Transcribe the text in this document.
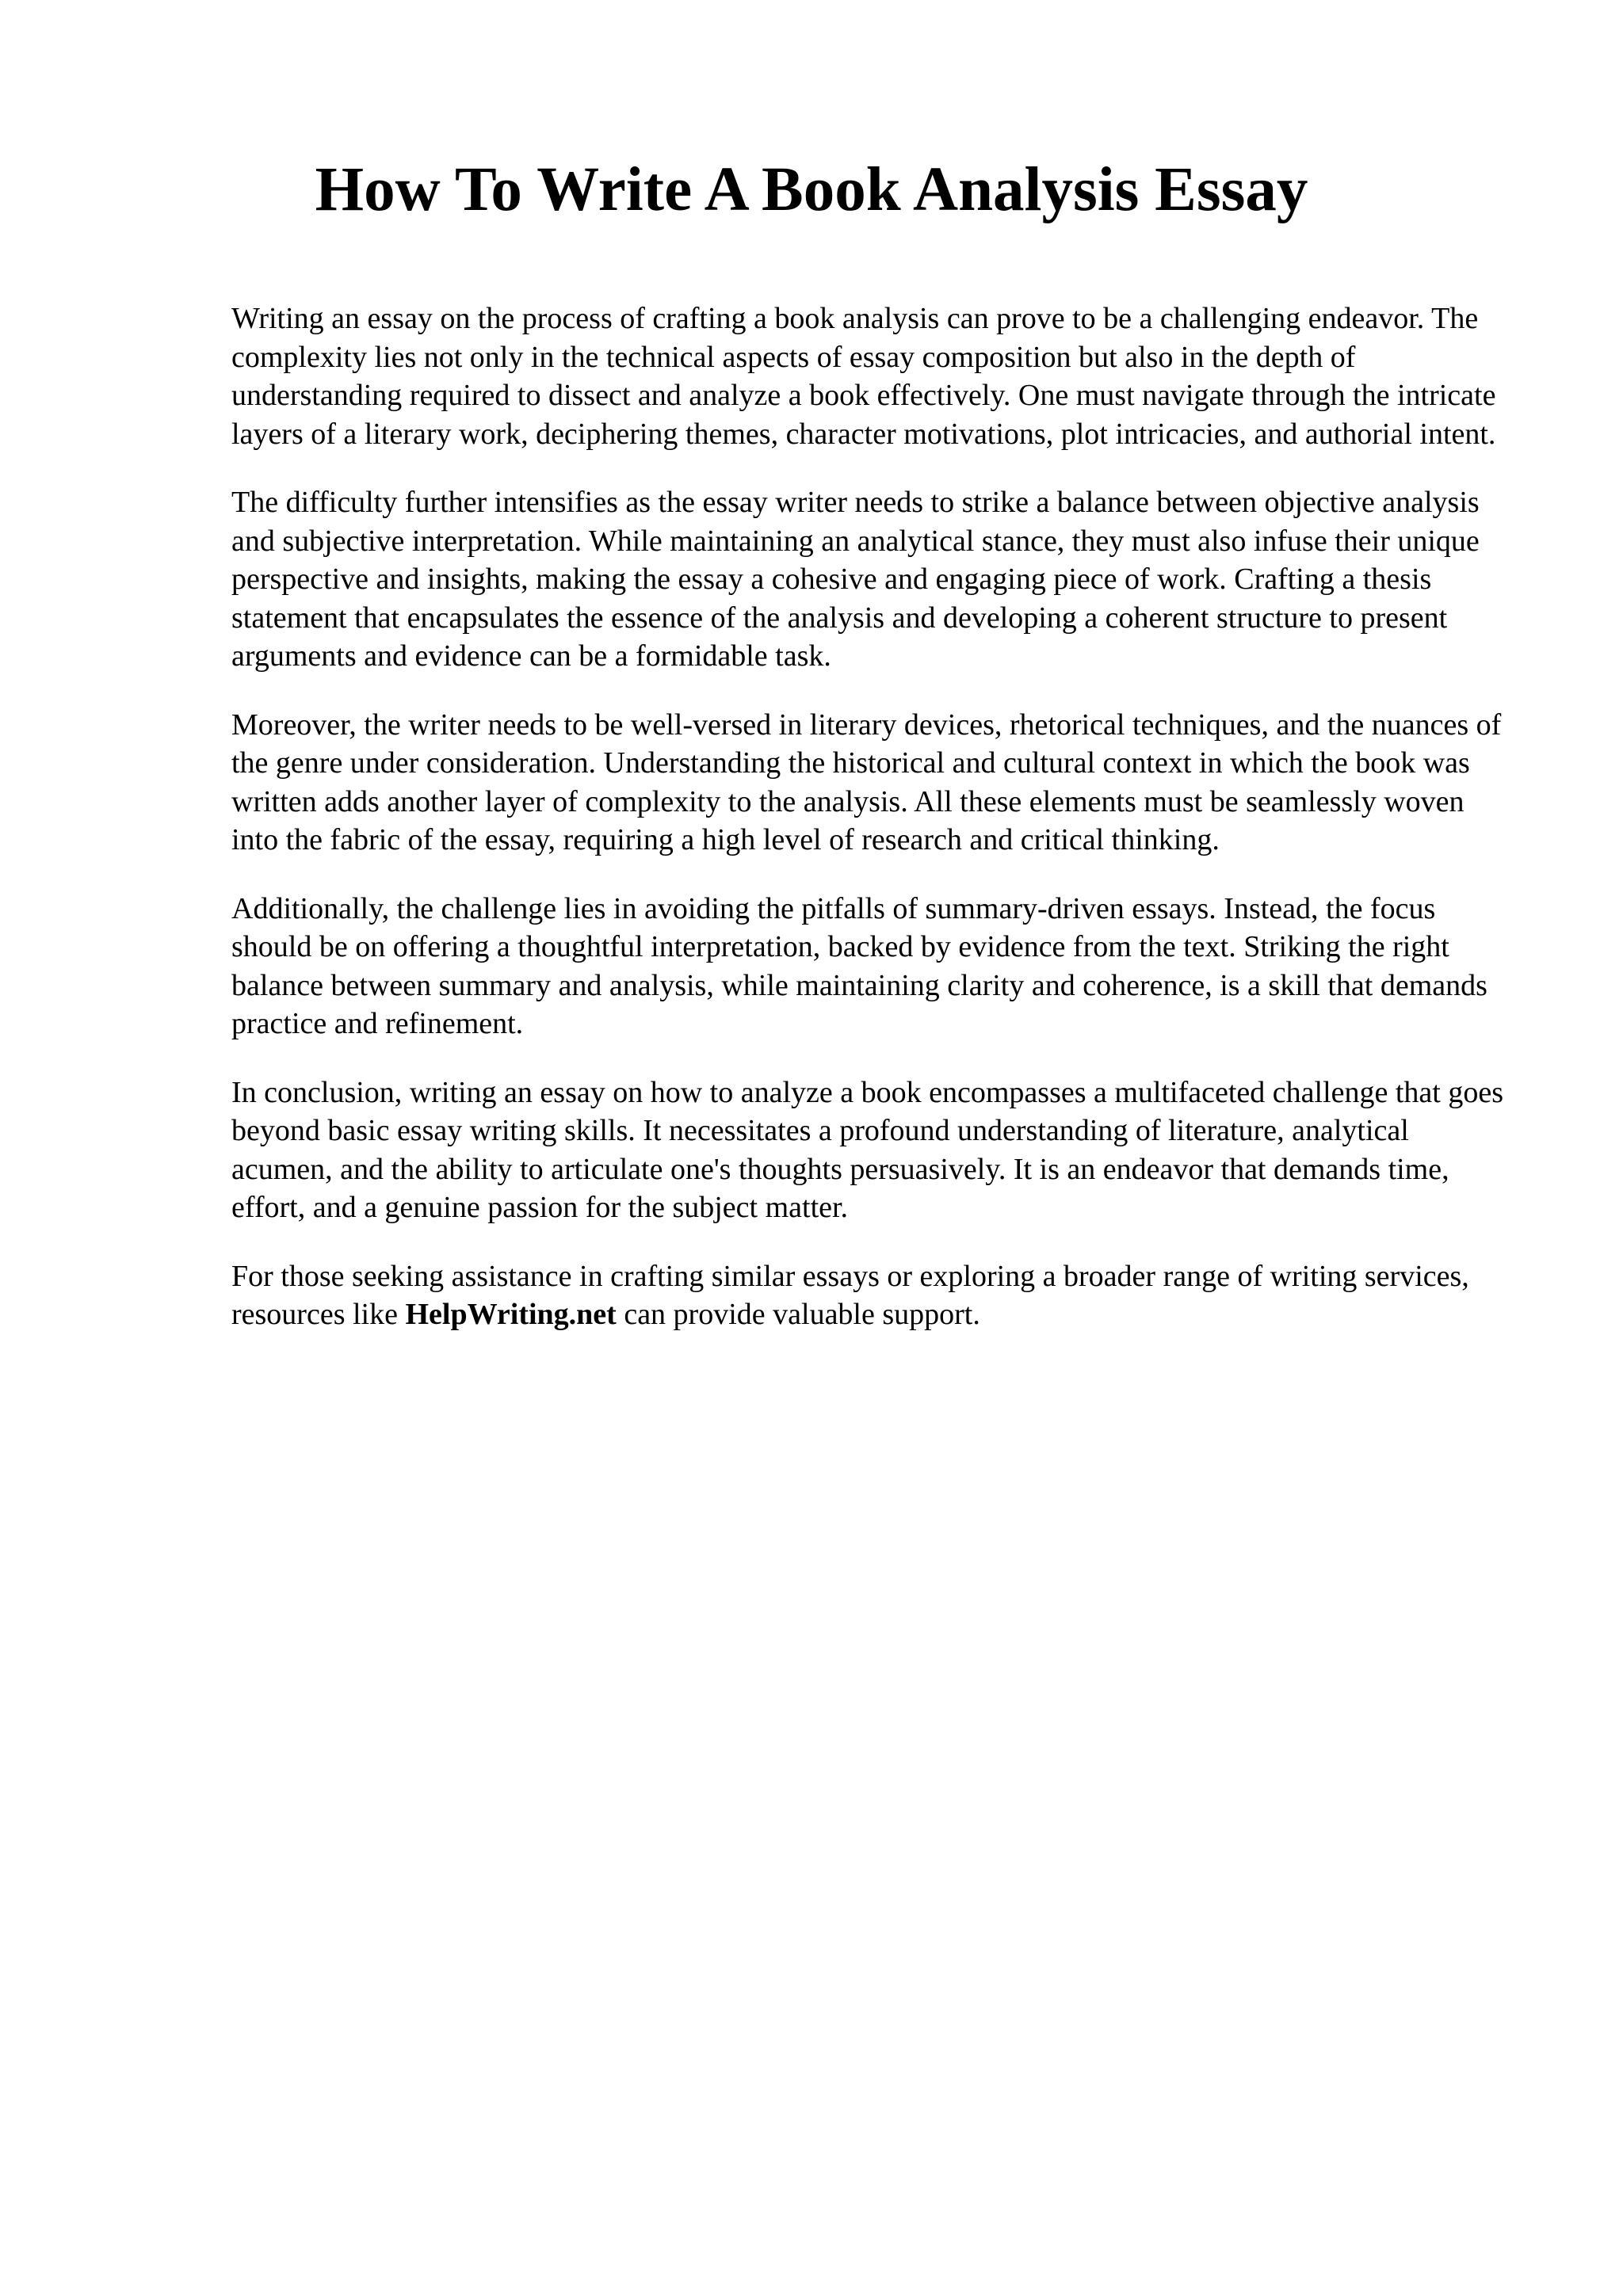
How To Write A Book Analysis Essay

Writing an essay on the process of crafting a book analysis can prove to be a challenging endeavor. The complexity lies not only in the technical aspects of essay composition but also in the depth of understanding required to dissect and analyze a book effectively. One must navigate through the intricate layers of a literary work, deciphering themes, character motivations, plot intricacies, and authorial intent.

The difficulty further intensifies as the essay writer needs to strike a balance between objective analysis and subjective interpretation. While maintaining an analytical stance, they must also infuse their unique perspective and insights, making the essay a cohesive and engaging piece of work. Crafting a thesis statement that encapsulates the essence of the analysis and developing a coherent structure to present arguments and evidence can be a formidable task.

Moreover, the writer needs to be well-versed in literary devices, rhetorical techniques, and the nuances of the genre under consideration. Understanding the historical and cultural context in which the book was written adds another layer of complexity to the analysis. All these elements must be seamlessly woven into the fabric of the essay, requiring a high level of research and critical thinking.

Additionally, the challenge lies in avoiding the pitfalls of summary-driven essays. Instead, the focus should be on offering a thoughtful interpretation, backed by evidence from the text. Striking the right balance between summary and analysis, while maintaining clarity and coherence, is a skill that demands practice and refinement.

In conclusion, writing an essay on how to analyze a book encompasses a multifaceted challenge that goes beyond basic essay writing skills. It necessitates a profound understanding of literature, analytical acumen, and the ability to articulate one's thoughts persuasively. It is an endeavor that demands time, effort, and a genuine passion for the subject matter.

For those seeking assistance in crafting similar essays or exploring a broader range of writing services, resources like HelpWriting.net can provide valuable support.
